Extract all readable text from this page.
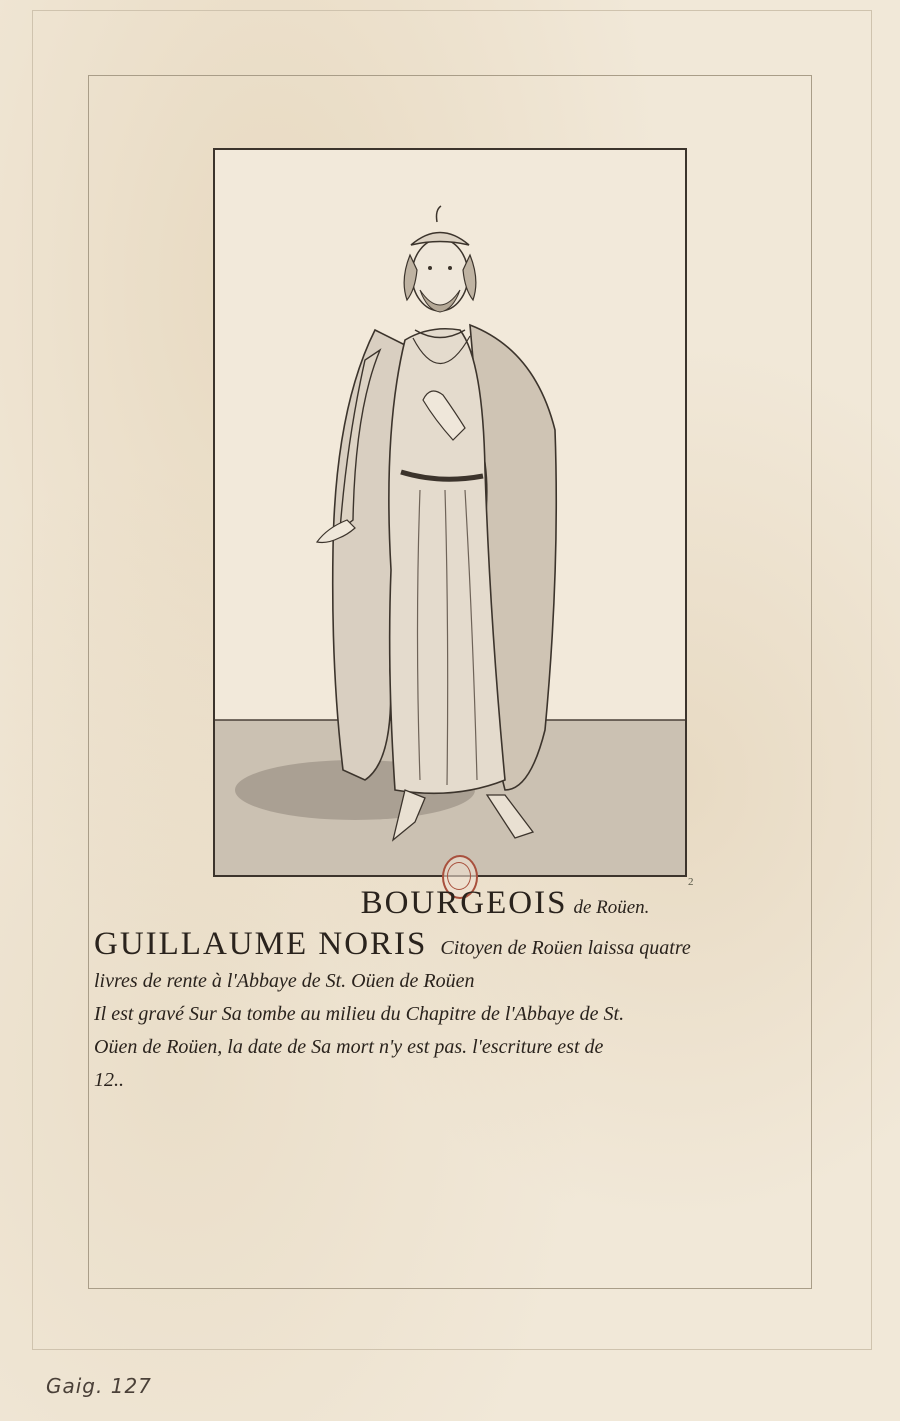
2
BOURGEOIS de Roüen.
GUILLAUME NORIS Citoyen de Roüen laissa quatre
livres de rente à l'Abbaye de St. Oüen de Roüen
Il est gravé Sur Sa tombe au milieu du Chapitre de l'Abbaye de St.
Oüen de Roüen, la date de Sa mort n'y est pas. l'escriture est de
12..
Gaig. 127
